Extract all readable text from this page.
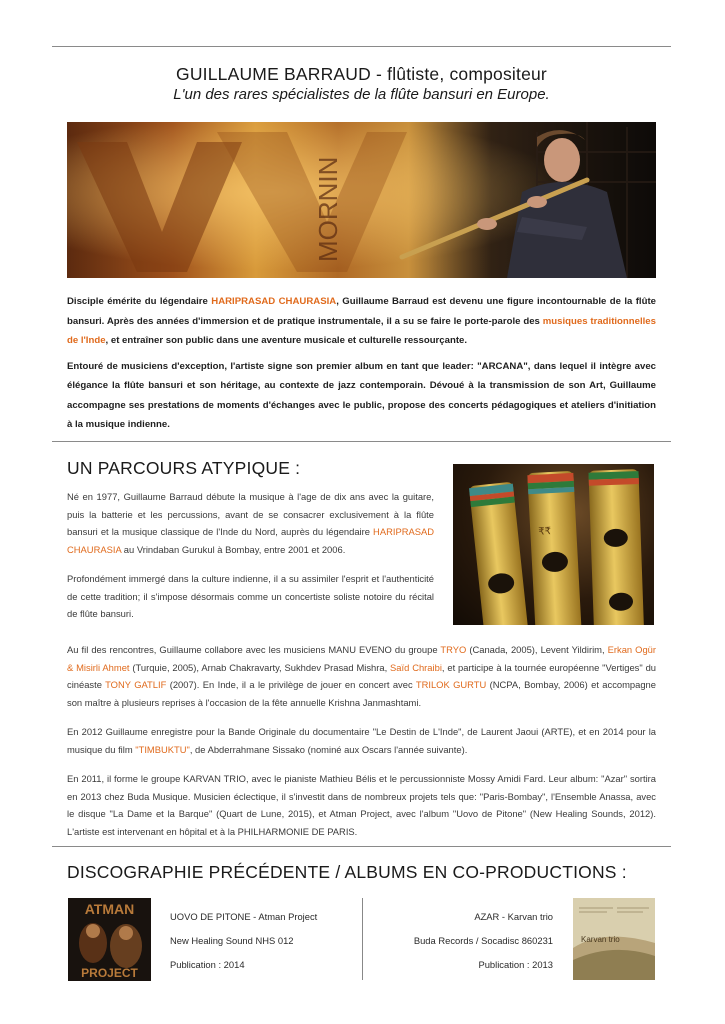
GUILLAUME BARRAUD - flûtiste, compositeur
L'un des rares spécialistes de la flûte bansuri en Europe.
MORNIN

Disciple émérite du légendaire HARIPRASAD CHAURASIA, Guillaume Barraud est devenu une figure incontournable de la flûte bansuri. Après des années d'immersion et de pratique instrumentale, il a su se faire le porte-parole des musiques traditionnelles de l'Inde, et entraîner son public dans une aventure musicale et culturelle ressourçante.

Entouré de musiciens d'exception, l'artiste signe son premier album en tant que leader: "ARCANA", dans lequel il intègre avec élégance la flûte bansuri et son héritage, au contexte de jazz contemporain. Dévoué à la transmission de son Art, Guillaume accompagne ses prestations de moments d'échanges avec le public, propose des concerts pédagogiques et ateliers d'initiation à la musique indienne.

UN PARCOURS ATYPIQUE :

Né en 1977, Guillaume Barraud débute la musique à l'age de dix ans avec la guitare, puis la batterie et les percussions, avant de se consacrer exclusivement à la flûte bansuri et la musique classique de l'Inde du Nord, auprès du légendaire HARIPRASAD CHAURASIA au Vrindaban Gurukul à Bombay, entre 2001 et 2006.

Profondément immergé dans la culture indienne, il a su assimiler l'esprit et l'authenticité de cette tradition; il s'impose désormais comme un concertiste soliste notoire du récital de flûte bansuri.

₹₹

Au fil des rencontres, Guillaume collabore avec les musiciens MANU EVENO du groupe TRYO (Canada, 2005), Levent Yildirim, Erkan Ogür & Misirli Ahmet (Turquie, 2005), Arnab Chakravarty, Sukhdev Prasad Mishra, Saïd Chraibi, et participe à la tournée européenne "Vertiges" du cinéaste TONY GATLIF (2007). En Inde, il a le privilège de jouer en concert avec TRILOK GURTU (NCPA, Bombay, 2006) et accompagne son maître à plusieurs reprises à l'occasion de la fête annuelle Krishna Janmashtami.

En 2012 Guillaume enregistre pour la Bande Originale du documentaire "Le Destin de L'Inde", de Laurent Jaoui (ARTE), et en 2014 pour la musique du film "TIMBUKTU", de Abderrahmane Sissako (nominé aux Oscars l'année suivante).

En 2011, il forme le groupe KARVAN TRIO, avec le pianiste Mathieu Bélis et le percussionniste Mossy Amidi Fard. Leur album: "Azar" sortira en 2013 chez Buda Musique. Musicien éclectique, il s'investit dans de nombreux projets tels que: "Paris-Bombay", l'Ensemble Anassa, avec le disque "La Dame et la Barque" (Quart de Lune, 2015), et Atman Project, avec l'album "Uovo de Pitone" (New Healing Sounds, 2012). L'artiste est intervenant en hôpital et à la PHILHARMONIE DE PARIS.

DISCOGRAPHIE PRÉCÉDENTE / ALBUMS EN CO-PRODUCTIONS :
ATMAN
PROJECT
UOVO DE PITONE - Atman Project
New Healing Sound NHS 012
Publication : 2014
AZAR - Karvan trio
Buda Records / Socadisc 860231
Publication : 2013
Karvan trio
